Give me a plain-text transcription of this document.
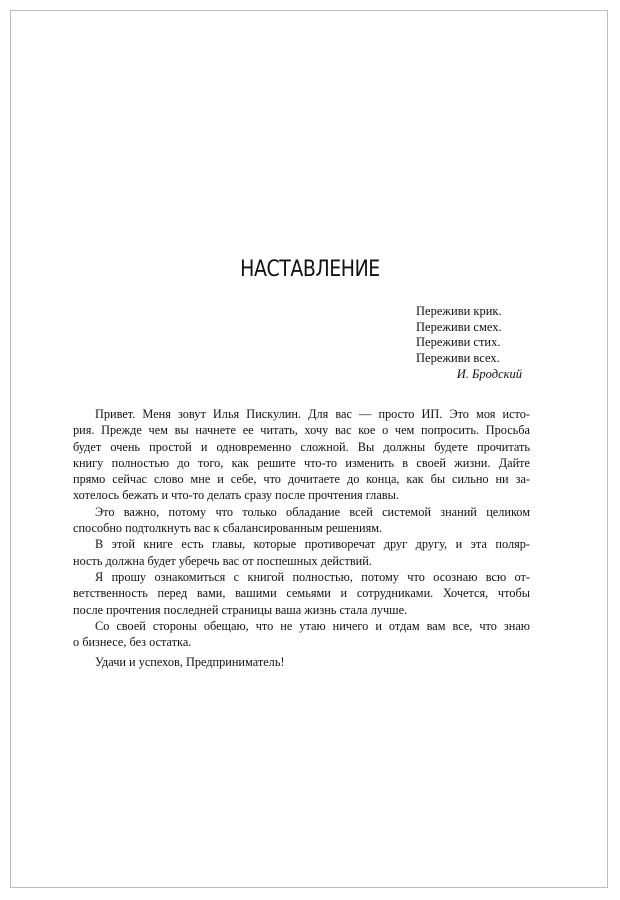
НАСТАВЛЕНИЕ
Переживи крик.
Переживи смех.
Переживи стих.
Переживи всех.
И. Бродский
Привет. Меня зовут Илья Пискулин. Для вас — просто ИП. Это моя исто-
рия. Прежде чем вы начнете ее читать, хочу вас кое о чем попросить. Просьба
будет очень простой и одновременно сложной. Вы должны будете прочитать
книгу полностью до того, как решите что-то изменить в своей жизни. Дайте
прямо сейчас слово мне и себе, что дочитаете до конца, как бы сильно ни за-
хотелось бежать и что-то делать сразу после прочтения главы.
Это важно, потому что только обладание всей системой знаний целиком
способно подтолкнуть вас к сбалансированным решениям.
В этой книге есть главы, которые противоречат друг другу, и эта поляр-
ность должна будет уберечь вас от поспешных действий.
Я прошу ознакомиться с книгой полностью, потому что осознаю всю от-
ветственность перед вами, вашими семьями и сотрудниками. Хочется, чтобы
после прочтения последней страницы ваша жизнь стала лучше.
Со своей стороны обещаю, что не утаю ничего и отдам вам все, что знаю
о бизнесе, без остатка.
Удачи и успехов, Предприниматель!
